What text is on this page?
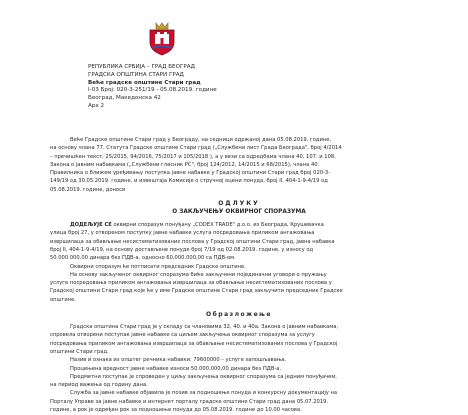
РЕПУБЛИКА СРБИЈА – ГРАД БЕОГРАД
ГРАДСКА ОПШТИНА СТАРИ ГРАД
Веће градске општине Стари град
I-03 Број: 020-3-251/19 - 05.08.2019. године
Београд, Македонска 42
Арх 2
Веће Градске општине Стари град у Београду, на седници одржаној дана 05.08.2019. године,
на основу члана 77. Статута Градске општине Стари град („Службени лист Града Београда", број 4/2014
– пречишћен текст, 25/2015, 94/2016, 75/2017 и 105/2018 ), а у вези са одредбама члана 40, 107. и 108.
Закона о јавним набавкама („Службени гласник РС", број 124/2012, 14/2015 и 68/2015), члана 40.
Правилника о ближем уређивању поступка јавне набавке у Градској општини Стари град број 020-3-
149/19 од 30.05.2019. године, и извештаја Комисије о стручној оцени понуда, број II, 404-1-9-4/19 од
05.08.2019. године, доноси
ОДЛУКУ
О ЗАКЉУЧЕЊУ ОКВИРНОГ СПОРАЗУМА
ДОДЕЉУЈЕ СЕ оквирни споразум понуђачу „CODEX TRADE" д.о.о. из Београда, Крушевачка
улица број 27, у отвореном поступку јавне набавке услуга посредовања приликом ангажовања
извршилаца за обављање несистематизованих послова у Градској општини Стари град, јавна набавка
број II, 404-1-9-4/19, на основу достављене понуде број 7/19 од 02.08.2019. године, у износу од
50.000.000,00 динара без ПДВ-а, односно 60.000.000,00 са ПДВ-ом.
Оквирни споразум ће потписати председник Градске општине.
На основу закљученог оквирног споразума биће закључени појединачни уговори о пружању
услуге посредовања приликом ангажовања извршилаца за обављање несистематизованих послова у
Градској општини Стари град које ће у име Градске општине Стари град закључити председник Градске
општине.
Образложење
Градска општина Стари град је у складу са члановима 32, 40. и 40а. Закона о јавним набавкама,
спровела отворени поступак јавне набавке са циљем закључења оквирног споразума за услугу
посредовања приликом ангажовања извршилаца за обављање несистематизованих послова у Градској
општини Стари град.
Назив и ознака из општег речника набавки: 79600000 – услуге запошљавања.
Процењена вредност јавне набавке износи 50.000.000,00 динара без ПДВ-а.
Предметни поступак је спроведен у циљу закључења оквирног споразума са једним понуђачем,
на период важења од годину дана.
Служба за јавне набавке објавила је позив за подношење понуда и конкурсну документацију на
Порталу Управе за јавне набавке и интернет порталу градске општине Стари град дана 05.07.2019.
године, а рок је одређен рок за подношење понуда до 05.08.2019. године до 10,00 часова.
